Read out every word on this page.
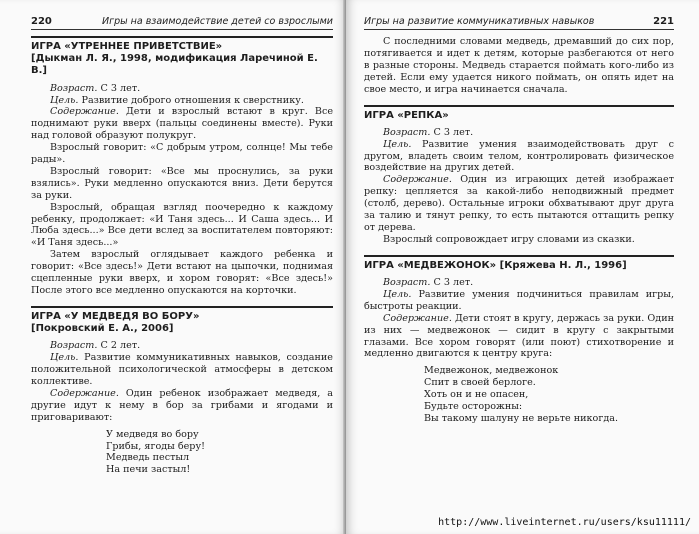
220	Игры на взаимодействие детей со взрослыми
ИГРА «УТРЕННЕЕ ПРИВЕТСТВИЕ»
[Дыкман Л. Я., 1998, модификация Ларечиной Е. В.]

Возраст. С 3 лет.

Цель. Развитие доброго отношения к сверстнику.

Содержание. Дети и взрослый встают в круг. Все поднимают руки вверх (пальцы соединены вместе). Руки над головой образуют полукруг.

Взрослый говорит: «С добрым утром, солнце! Мы тебе рады».

Взрослый говорит: «Все мы проснулись, за руки взялись». Руки медленно опускаются вниз. Дети берутся за руки.

Взрослый, обращая взгляд поочередно к каждому ребенку, продолжает: «И Таня здесь... И Саша здесь... И Люба здесь...» Все дети вслед за воспитателем повторяют: «И Таня здесь...»

Затем взрослый оглядывает каждого ребенка и говорит: «Все здесь!» Дети встают на цыпочки, поднимая сцепленные руки вверх, и хором говорят: «Все здесь!» После этого все медленно опускаются на корточки.

ИГРА «У МЕДВЕДЯ ВО БОРУ»
[Покровский Е. А., 2006]

Возраст. С 2 лет.

Цель. Развитие коммуникативных навыков, создание положительной психологической атмосферы в детском коллективе.

Содержание. Один ребенок изображает медведя, а другие идут к нему в бор за грибами и ягодами и приговаривают:

У медведя во бору
Грибы, ягоды беру!
Медведь пестыл
На печи застыл!
Игры на развитие коммуникативных навыков	221

С последними словами медведь, дремавший до сих пор, потягивается и идет к детям, которые разбегаются от него в разные стороны. Медведь старается поймать кого-либо из детей. Если ему удается никого поймать, он опять идет на свое место, и игра начинается сначала.

ИГРА «РЕПКА»

Возраст. С 3 лет.

Цель. Развитие умения взаимодействовать друг с другом, владеть своим телом, контролировать физическое воздействие на других детей.

Содержание. Один из играющих детей изображает репку: цепляется за какой-либо неподвижный предмет (столб, дерево). Остальные игроки обхватывают друг друга за талию и тянут репку, то есть пытаются оттащить репку от дерева.

Взрослый сопровождает игру словами из сказки.

ИГРА «МЕДВЕЖОНОК» [Кряжева Н. Л., 1996]

Возраст. С 3 лет.

Цель. Развитие умения подчиниться правилам игры, быстроты реакции.

Содержание. Дети стоят в кругу, держась за руки. Один из них — медвежонок — сидит в кругу с закрытыми глазами. Все хором говорят (или поют) стихотворение и медленно двигаются к центру круга:

Медвежонок, медвежонок
Спит в своей берлоге.
Хоть он и не опасен,
Будьте осторожны:
Вы такому шалуну не верьте никогда.
http://www.liveinternet.ru/users/ksu11111/
